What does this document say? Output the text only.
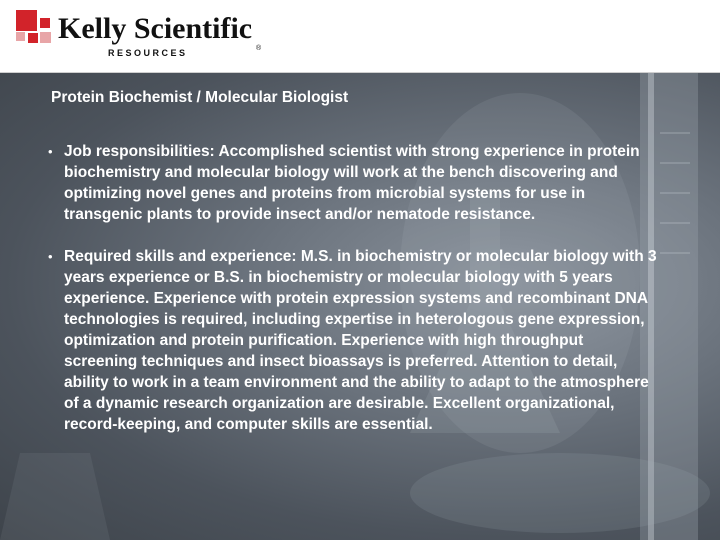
Kelly Scientific
R E S O U R C E S	®
Protein Biochemist / Molecular Biologist
• Job responsibilities: Accomplished scientist with strong experience in protein biochemistry and molecular biology will work at the bench discovering and optimizing novel genes and proteins from microbial systems for use in transgenic plants to provide insect and/or nematode resistance.
• Required skills and experience: M.S. in biochemistry or molecular biology with 3 years experience or B.S. in biochemistry or molecular biology with 5 years experience. Experience with protein expression systems and recombinant DNA technologies is required, including expertise in heterologous gene expression, optimization and protein purification. Experience with high throughput screening techniques and insect bioassays is preferred. Attention to detail, ability to work in a team environment and the ability to adapt to the atmosphere of a dynamic research organization are desirable. Excellent organizational, record-keeping, and computer skills are essential.
